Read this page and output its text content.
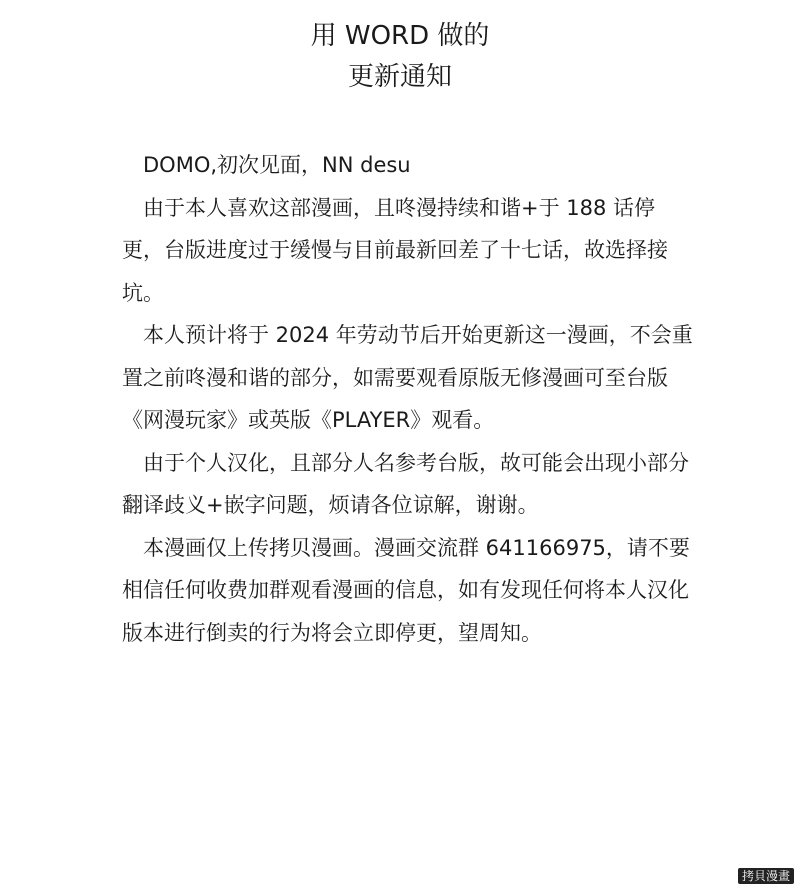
用 WORD 做的

更新通知

DOMO,初次见面，NN desu

由于本人喜欢这部漫画，且咚漫持续和谐+于 188 话停更，台版进度过于缓慢与目前最新回差了十七话，故选择接坑。

本人预计将于 2024 年劳动节后开始更新这一漫画，不会重置之前咚漫和谐的部分，如需要观看原版无修漫画可至台版《网漫玩家》或英版《PLAYER》观看。

由于个人汉化，且部分人名参考台版，故可能会出现小部分翻译歧义+嵌字问题，烦请各位谅解，谢谢。

本漫画仅上传拷贝漫画。漫画交流群 641166975，请不要相信任何收费加群观看漫画的信息，如有发现任何将本人汉化版本进行倒卖的行为将会立即停更，望周知。

拷貝漫畫
